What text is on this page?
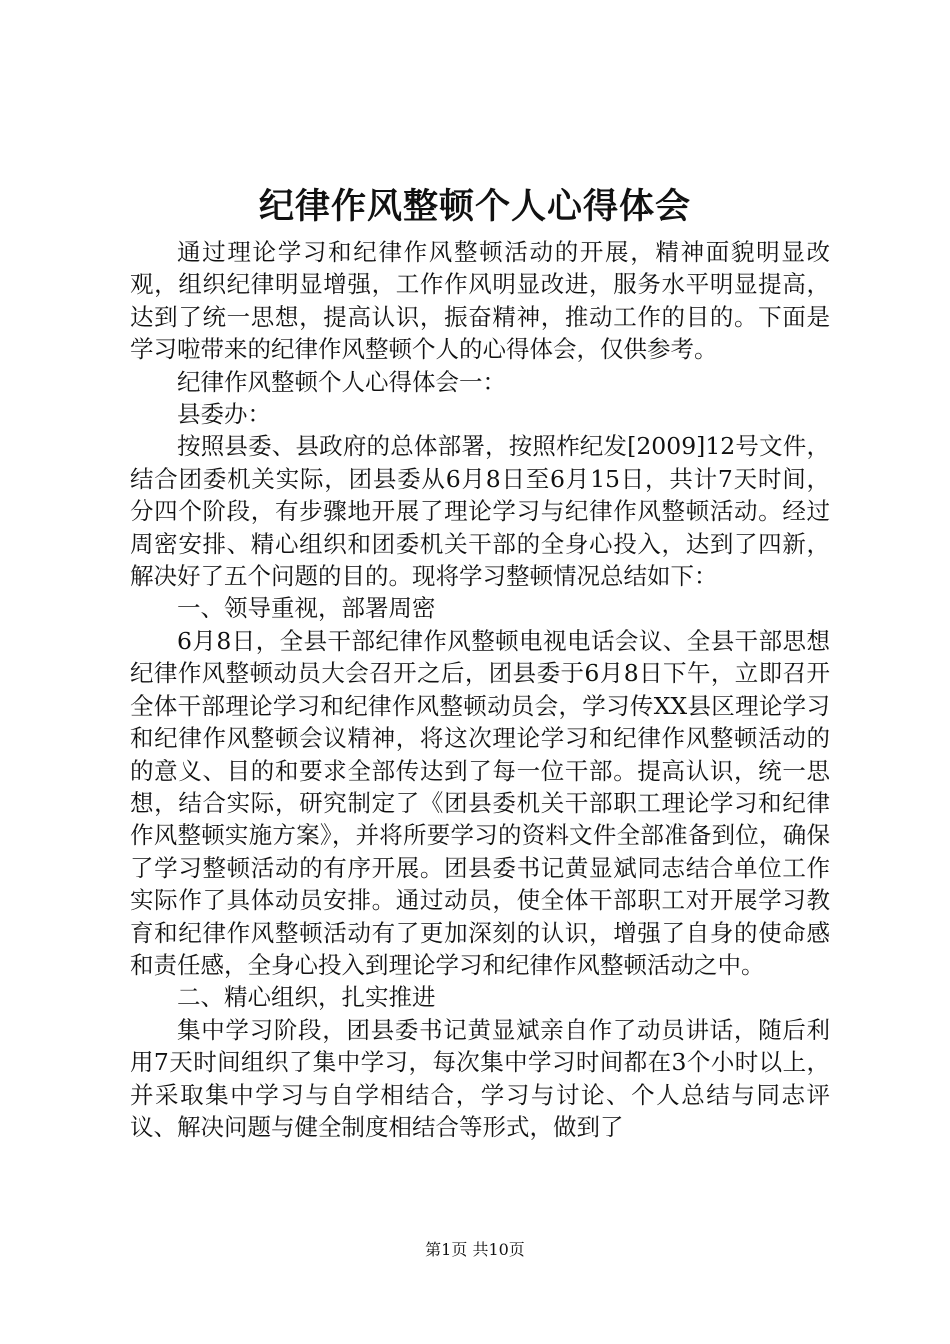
纪律作风整顿个人心得体会

通过理论学习和纪律作风整顿活动的开展，精神面貌明显改观，组织纪律明显增强，工作作风明显改进，服务水平明显提高，达到了统一思想，提高认识，振奋精神，推动工作的目的。下面是学习啦带来的纪律作风整顿个人的心得体会，仅供参考。

纪律作风整顿个人心得体会一：

县委办：

按照县委、县政府的总体部署，按照柞纪发[2009]12号文件，结合团委机关实际，团县委从6月8日至6月15日，共计7天时间，分四个阶段，有步骤地开展了理论学习与纪律作风整顿活动。经过周密安排、精心组织和团委机关干部的全身心投入，达到了四新，解决好了五个问题的目的。现将学习整顿情况总结如下：

一、领导重视，部署周密

6月8日，全县干部纪律作风整顿电视电话会议、全县干部思想纪律作风整顿动员大会召开之后，团县委于6月8日下午，立即召开全体干部理论学习和纪律作风整顿动员会，学习传XX县区理论学习和纪律作风整顿会议精神，将这次理论学习和纪律作风整顿活动的的意义、目的和要求全部传达到了每一位干部。提高认识，统一思想，结合实际，研究制定了《团县委机关干部职工理论学习和纪律作风整顿实施方案》，并将所要学习的资料文件全部准备到位，确保了学习整顿活动的有序开展。团县委书记黄显斌同志结合单位工作实际作了具体动员安排。通过动员，使全体干部职工对开展学习教育和纪律作风整顿活动有了更加深刻的认识，增强了自身的使命感和责任感，全身心投入到理论学习和纪律作风整顿活动之中。

二、精心组织，扎实推进

集中学习阶段，团县委书记黄显斌亲自作了动员讲话，随后利用7天时间组织了集中学习，每次集中学习时间都在3个小时以上，并采取集中学习与自学相结合，学习与讨论、个人总结与同志评议、解决问题与健全制度相结合等形式，做到了

第1页 共10页
